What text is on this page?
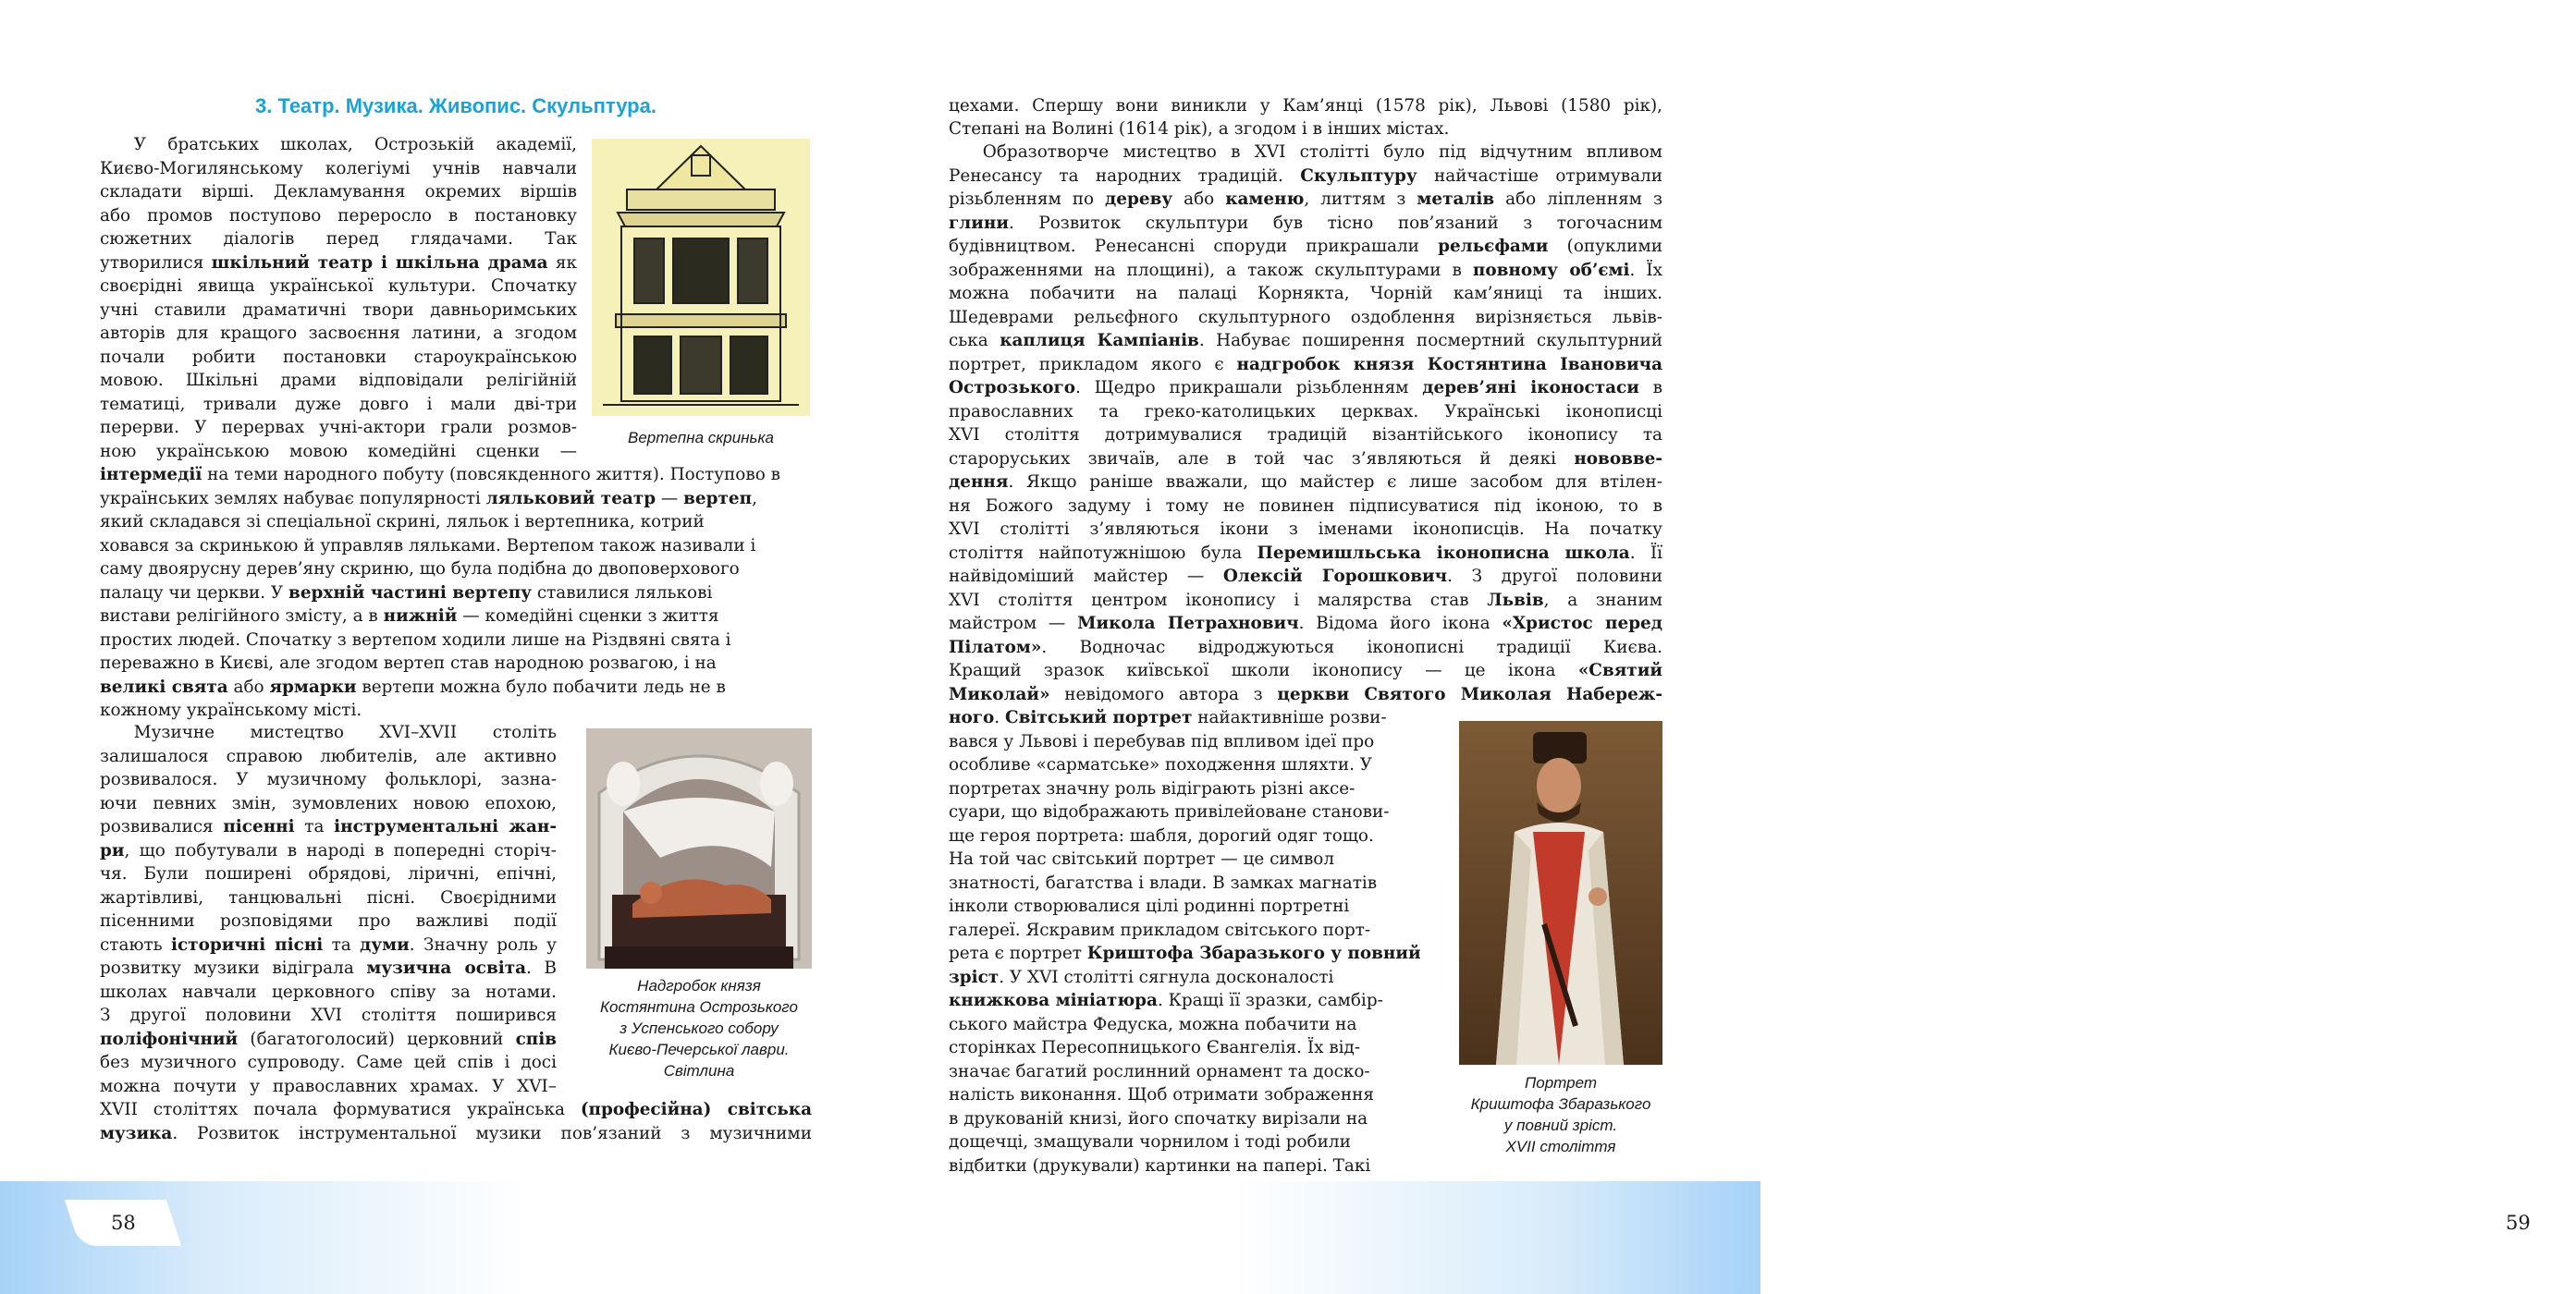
3. Театр. Музика. Живопис. Скульптура.
Вертепна скринька

  У братських школах, Острозькій академії,
Києво-Могилянському колегіумі учнів навчали
складати вірші. Декламування окремих віршів
або промов поступово переросло в постановку
сюжетних діалогів перед глядачами. Так
утворилися шкільний театр і шкільна драма як
своєрідні явища української культури. Спочатку
учні ставили драматичні твори давньоримських
авторів для кращого засвоєння латини, а згодом
почали робити постановки староукраїнською
мовою. Шкільні драми відповідали релігійній
тематиці, тривали дуже довго і мали дві-три
перерви. У перервах учні-актори грали розмов-
ною українською мовою комедійні сценки —

інтермедії на теми народного побуту (повсякденного життя). Поступово в
українських землях набуває популярності ляльковий театр — вертеп,
який складався зі спеціальної скрині, ляльок і вертепника, котрий
ховався за скринькою й управляв ляльками. Вертепом також називали і
саму двоярусну дерев’яну скриню, що була подібна до двоповерхового
палацу чи церкви. У верхній частині вертепу ставилися лялькові
вистави релігійного змісту, а в нижній — комедійні сценки з життя
простих людей. Спочатку з вертепом ходили лише на Різдвяні свята і
переважно в Києві, але згодом вертеп став народною розвагою, і на
великі свята або ярмарки вертепи можна було побачити ледь не в
кожному українському місті.

Надгробок князя
Костянтина Острозького
з Успенського собору
Києво-Печерської лаври.
Світлина

  Музичне мистецтво XVI–XVII століть
залишалося справою любителів, але активно
розвивалося. У музичному фольклорі, зазна-
ючи певних змін, зумовлених новою епохою,
розвивалися пісенні та інструментальні жан-
ри, що побутували в народі в попередні сторіч-
чя. Були поширені обрядові, ліричні, епічні,
жартівливі, танцювальні пісні. Своєрідними
пісенними розповідями про важливі події
стають історичні пісні та думи. Значну роль у
розвитку музики відіграла музична освіта. В
школах навчали церковного співу за нотами.
З другої половини XVI століття поширився
поліфонічний (багатоголосий) церковний спів
без музичного супроводу. Саме цей спів і досі
можна почути у православних храмах. У XVI–

XVII століттях почала формуватися українська (професійна) світська
музика. Розвиток інструментальної музики пов’язаний з музичними

58

цехами. Спершу вони виникли у Кам’янці (1578 рік), Львові (1580 рік),

Степані на Волині (1614 рік), а згодом і в інших містах.

  Образотворче мистецтво в XVI столітті було під відчутним впливом
Ренесансу та народних традицій. Скульптуру найчастіше отримували
різьбленням по дереву або каменю, литтям з металів або ліпленням з
глини. Розвиток скульптури був тісно пов’язаний з тогочасним
будівництвом. Ренесансні споруди прикрашали рельєфами (опуклими
зображеннями на площині), а також скульптурами в повному об’ємі. Їх
можна побачити на палаці Корнякта, Чорній кам’яниці та інших.
Шедеврами рельєфного скульптурного оздоблення вирізняється львів-
ська каплиця Кампіанів. Набуває поширення посмертний скульптурний
портрет, прикладом якого є надгробок князя Костянтина Івановича
Острозького. Щедро прикрашали різьбленням дерев’яні іконостаси в
православних та греко-католицьких церквах. Українські іконописці
XVI століття дотримувалися традицій візантійського іконопису та
староруських звичаїв, але в той час з’являються й деякі нововве-
дення. Якщо раніше вважали, що майстер є лише засобом для втілен-
ня Божого задуму і тому не повинен підписуватися під іконою, то в
XVI столітті з’являються ікони з іменами іконописців. На початку
століття найпотужнішою була Перемишльська іконописна школа. Її
найвідоміший майстер — Олексій Горошкович. З другої половини
XVI століття центром іконопису і малярства став Львів, а знаним
майстром — Микола Петрахнович. Відома його ікона «Христос перед
Пілатом». Водночас відроджуються іконописні традиції Києва.
Кращий зразок київської школи іконопису — це ікона «Святий
Миколай» невідомого автора з церкви Святого Миколая Набереж-

Портрет
Криштофа Збаразького
у повний зріст.
XVII століття

ного. Світський портрет найактивніше розви-
вався у Львові і перебував під впливом ідеї про
особливе «сарматське» походження шляхти. У
портретах значну роль відіграють різні аксе-
суари, що відображають привілейоване станови-
ще героя портрета: шабля, дорогий одяг тощо.
На той час світський портрет — це символ
знатності, багатства і влади. В замках магнатів
інколи створювалися цілі родинні портретні
галереї. Яскравим прикладом світського порт-
рета є портрет Криштофа Збаразького у повний
зріст. У XVI столітті сягнула досконалості
книжкова мініатюра. Кращі її зразки, самбір-
ського майстра Федуска, можна побачити на
сторінках Пересопницького Євангелія. Їх від-
значає багатий рослинний орнамент та доско-
налість виконання. Щоб отримати зображення
в друкованій книзі, його спочатку вирізали на
дощечці, змащували чорнилом і тоді робили
відбитки (друкували) картинки на папері. Такі

59
